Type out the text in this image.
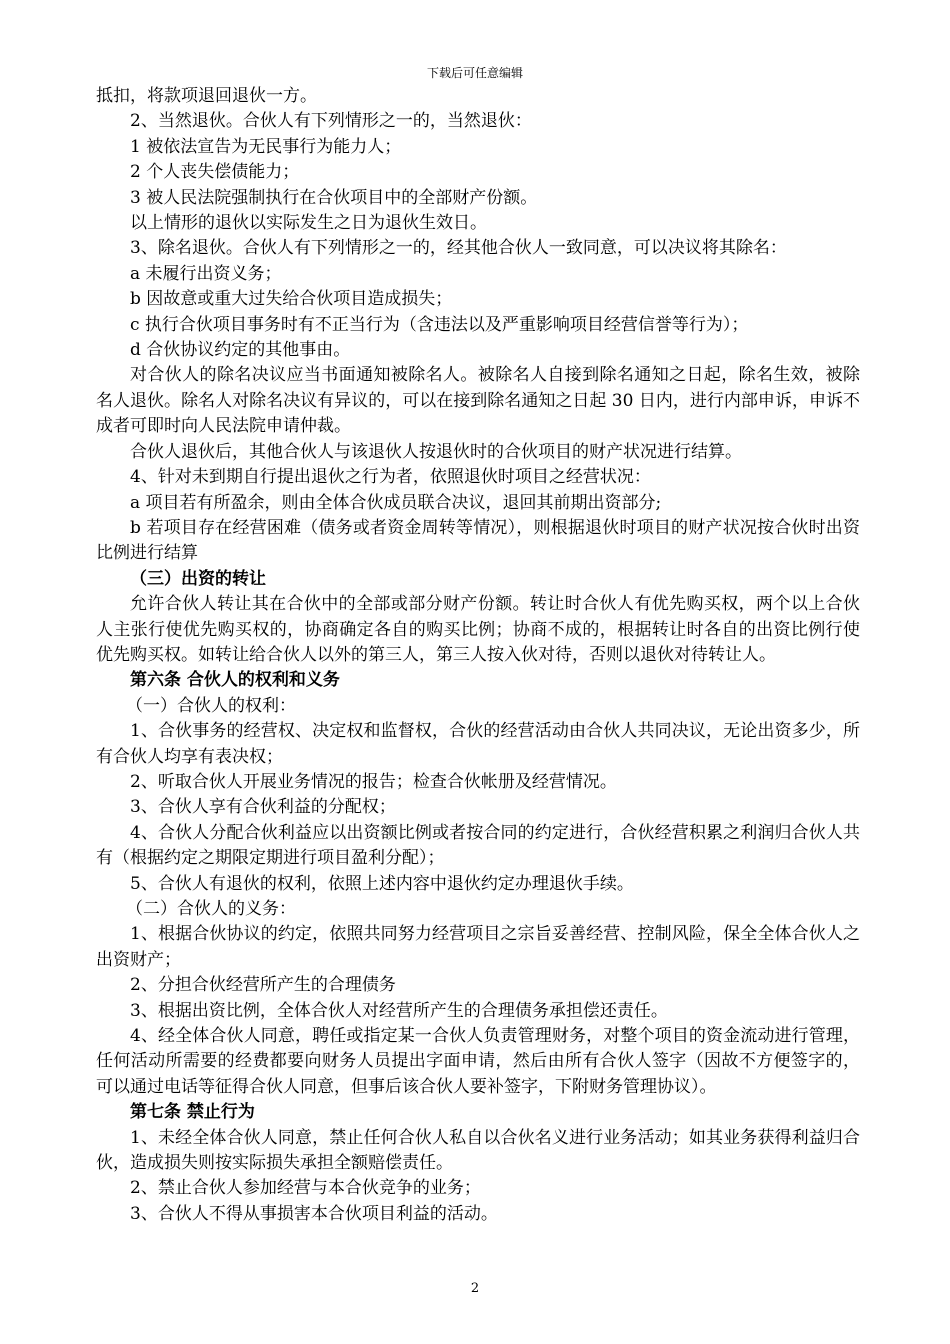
下载后可任意编辑

抵扣，将款项退回退伙一方。

2、当然退伙。合伙人有下列情形之一的，当然退伙：

1 被依法宣告为无民事行为能力人；

2 个人丧失偿债能力；

3 被人民法院强制执行在合伙项目中的全部财产份额。

以上情形的退伙以实际发生之日为退伙生效日。

3、除名退伙。合伙人有下列情形之一的，经其他合伙人一致同意，可以决议将其除名：

a 未履行出资义务；

b 因故意或重大过失给合伙项目造成损失；

c 执行合伙项目事务时有不正当行为（含违法以及严重影响项目经营信誉等行为）；

d 合伙协议约定的其他事由。

对合伙人的除名决议应当书面通知被除名人。被除名人自接到除名通知之日起，除名生效，被除名人退伙。除名人对除名决议有异议的，可以在接到除名通知之日起 30 日内，进行内部申诉，申诉不成者可即时向人民法院申请仲裁。

合伙人退伙后，其他合伙人与该退伙人按退伙时的合伙项目的财产状况进行结算。

4、针对未到期自行提出退伙之行为者，依照退伙时项目之经营状况：

a 项目若有所盈余，则由全体合伙成员联合决议，退回其前期出资部分;

b 若项目存在经营困难（债务或者资金周转等情况），则根据退伙时项目的财产状况按合伙时出资比例进行结算

（三）出资的转让

允许合伙人转让其在合伙中的全部或部分财产份额。转让时合伙人有优先购买权，两个以上合伙人主张行使优先购买权的，协商确定各自的购买比例；协商不成的，根据转让时各自的出资比例行使优先购买权。如转让给合伙人以外的第三人，第三人按入伙对待，否则以退伙对待转让人。

第六条 合伙人的权利和义务

（一）合伙人的权利：

1、合伙事务的经营权、决定权和监督权，合伙的经营活动由合伙人共同决议，无论出资多少，所有合伙人均享有表决权；

2、听取合伙人开展业务情况的报告；检查合伙帐册及经营情况。

3、合伙人享有合伙利益的分配权；

4、合伙人分配合伙利益应以出资额比例或者按合同的约定进行，合伙经营积累之利润归合伙人共有（根据约定之期限定期进行项目盈利分配）；

5、合伙人有退伙的权利，依照上述内容中退伙约定办理退伙手续。

（二）合伙人的义务：

1、根据合伙协议的约定，依照共同努力经营项目之宗旨妥善经营、控制风险，保全全体合伙人之出资财产；

2、分担合伙经营所产生的合理债务

3、根据出资比例，全体合伙人对经营所产生的合理债务承担偿还责任。

4、经全体合伙人同意，聘任或指定某一合伙人负责管理财务，对整个项目的资金流动进行管理，任何活动所需要的经费都要向财务人员提出字面申请，然后由所有合伙人签字（因故不方便签字的，可以通过电话等征得合伙人同意，但事后该合伙人要补签字，下附财务管理协议）。

第七条 禁止行为

1、未经全体合伙人同意，禁止任何合伙人私自以合伙名义进行业务活动；如其业务获得利益归合伙，造成损失则按实际损失承担全额赔偿责任。

2、禁止合伙人参加经营与本合伙竞争的业务；

3、合伙人不得从事损害本合伙项目利益的活动。

2
